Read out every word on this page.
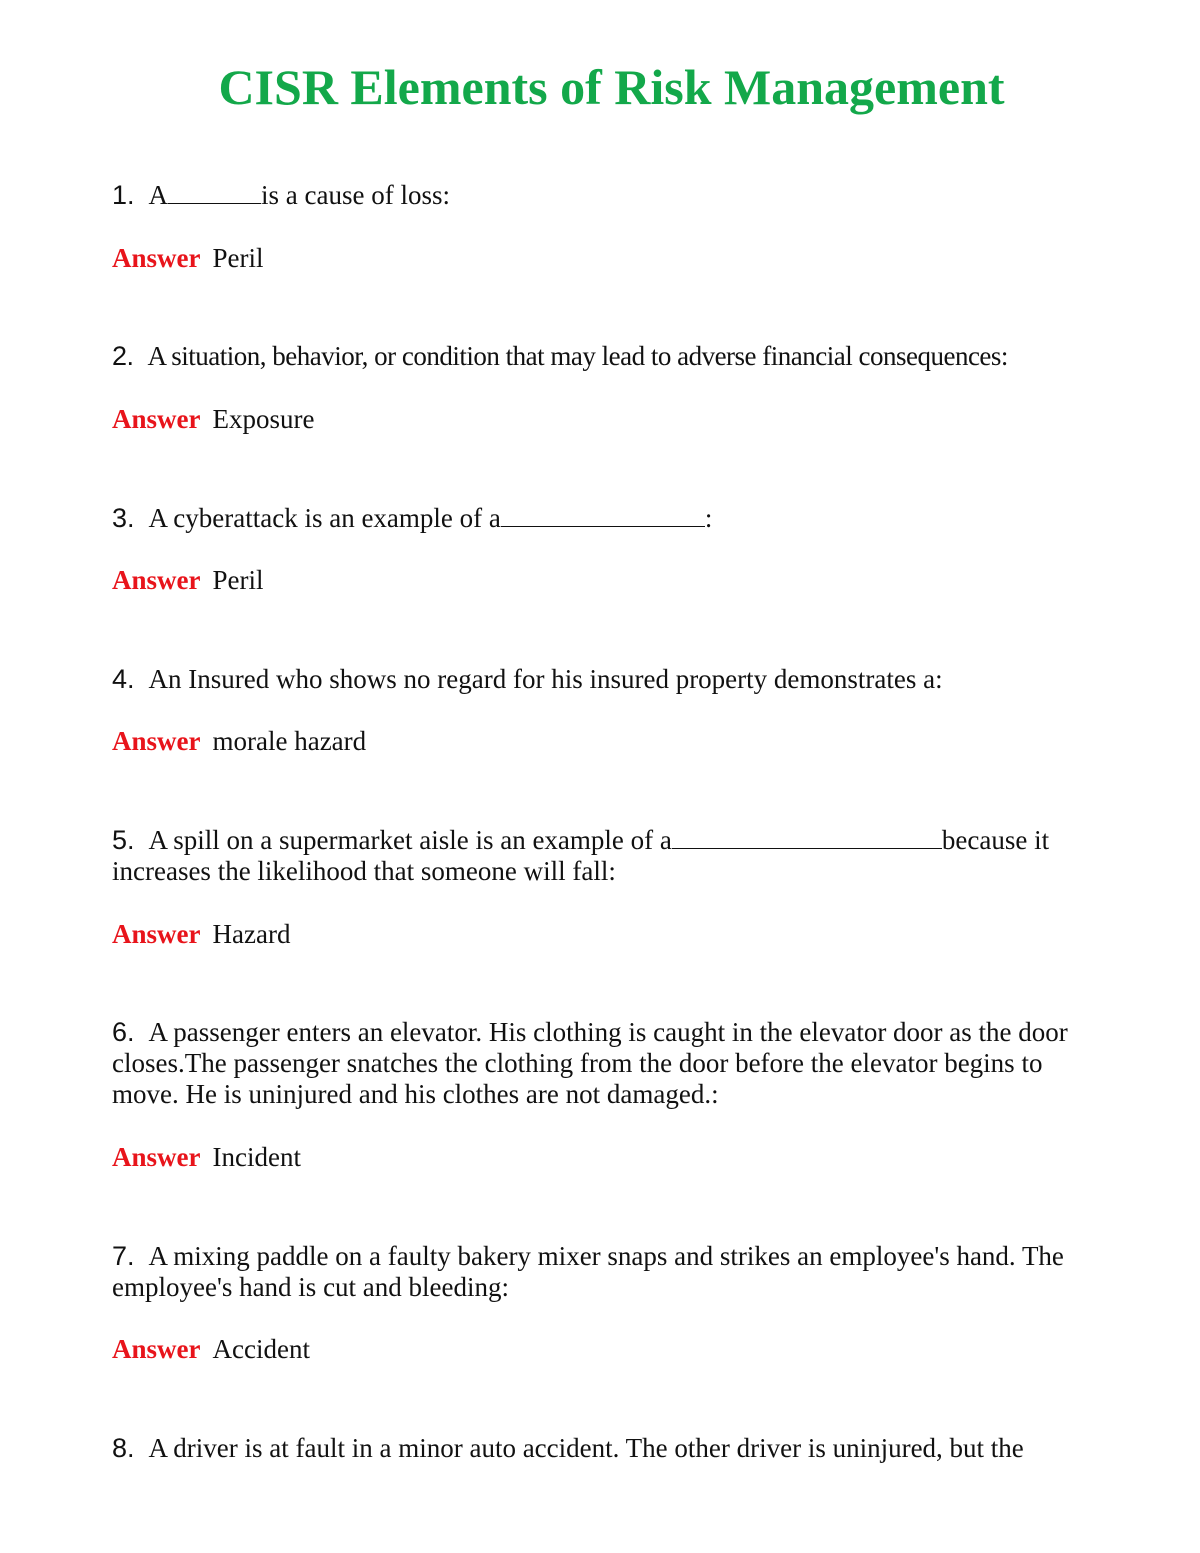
CISR Elements of Risk Management
1. A	is a cause of loss:
Answer Peril
2. A situation, behavior, or condition that may lead to adverse financial consequences:
Answer Exposure
3. A cyberattack is an example of a	:
Answer Peril
4. An Insured who shows no regard for his insured property demonstrates a:
Answer morale hazard
5. A spill on a supermarket aisle is an example of a	because it increases the likelihood that someone will fall:
Answer Hazard
6. A passenger enters an elevator. His clothing is caught in the elevator door as the door closes.The passenger snatches the clothing from the door before the elevator begins to move. He is uninjured and his clothes are not damaged.:
Answer Incident
7. A mixing paddle on a faulty bakery mixer snaps and strikes an employee's hand. The employee's hand is cut and bleeding:
Answer Accident
8. A driver is at fault in a minor auto accident. The other driver is uninjured, but the
